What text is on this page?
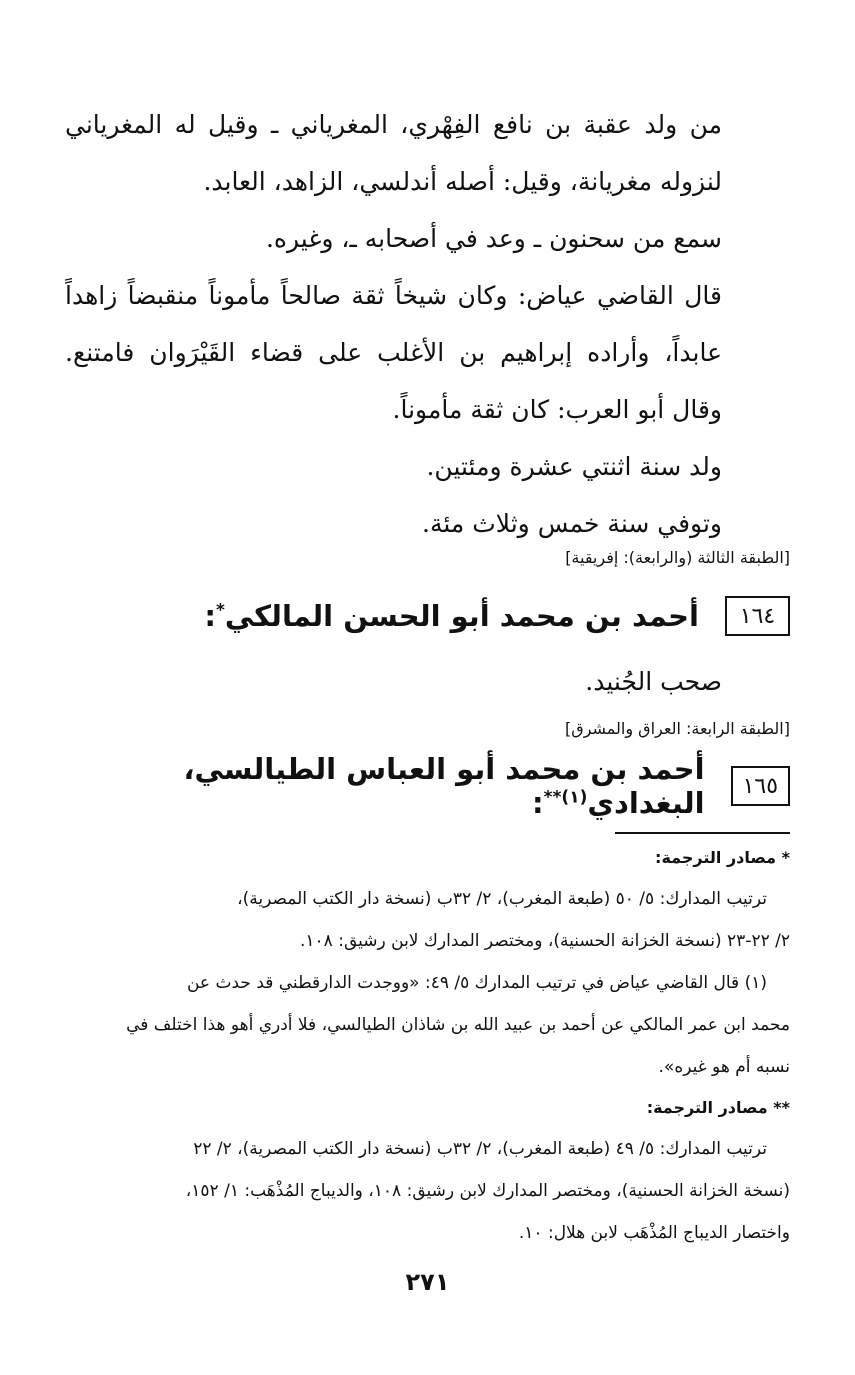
من ولد عقبة بن نافع الفِهْري، المغرياني ـ وقيل له المغرياني لنزوله مغريانة، وقيل: أصله أندلسي، الزاهد، العابد.

سمع من سحنون ـ وعد في أصحابه ـ، وغيره.

قال القاضي عياض: وكان شيخاً ثقة صالحاً مأموناً منقبضاً زاهداً عابداً، وأراده إبراهيم بن الأغلب على قضاء القَيْرَوان فامتنع. وقال أبو العرب: كان ثقة مأموناً.

ولد سنة اثنتي عشرة ومئتين.

وتوفي سنة خمس وثلاث مئة.

[الطبقة الثالثة (والرابعة): إفريقية]
١٦٤
أحمد بن محمد أبو الحسن المالكي*:

صحب الجُنيد.

[الطبقة الرابعة: العراق والمشرق]
١٦٥
أحمد بن محمد أبو العباس الطيالسي، البغدادي$^{(١)**}$:

* مصادر الترجمة:

ترتيب المدارك: ٥/ ٥٠ (طبعة المغرب)، ٢/ ٣٢ب (نسخة دار الكتب المصرية)،

٢/ ٢٢-٢٣ (نسخة الخزانة الحسنية)، ومختصر المدارك لابن رشيق: ١٠٨.

(١) قال القاضي عياض في ترتيب المدارك ٥/ ٤٩: «ووجدت الدارقطني قد حدث عن

محمد ابن عمر المالكي عن أحمد بن عبيد الله بن شاذان الطيالسي، فلا أدري أهو هذا اختلف في

نسبه أم هو غيره».

** مصادر الترجمة:

ترتيب المدارك: ٥/ ٤٩ (طبعة المغرب)، ٢/ ٣٢ب (نسخة دار الكتب المصرية)، ٢/ ٢٢

(نسخة الخزانة الحسنية)، ومختصر المدارك لابن رشيق: ١٠٨، والديباج المُذْهَب: ١/ ١٥٢،

واختصار الديباج المُذْهَب لابن هلال: ١٠.

٢٧١
